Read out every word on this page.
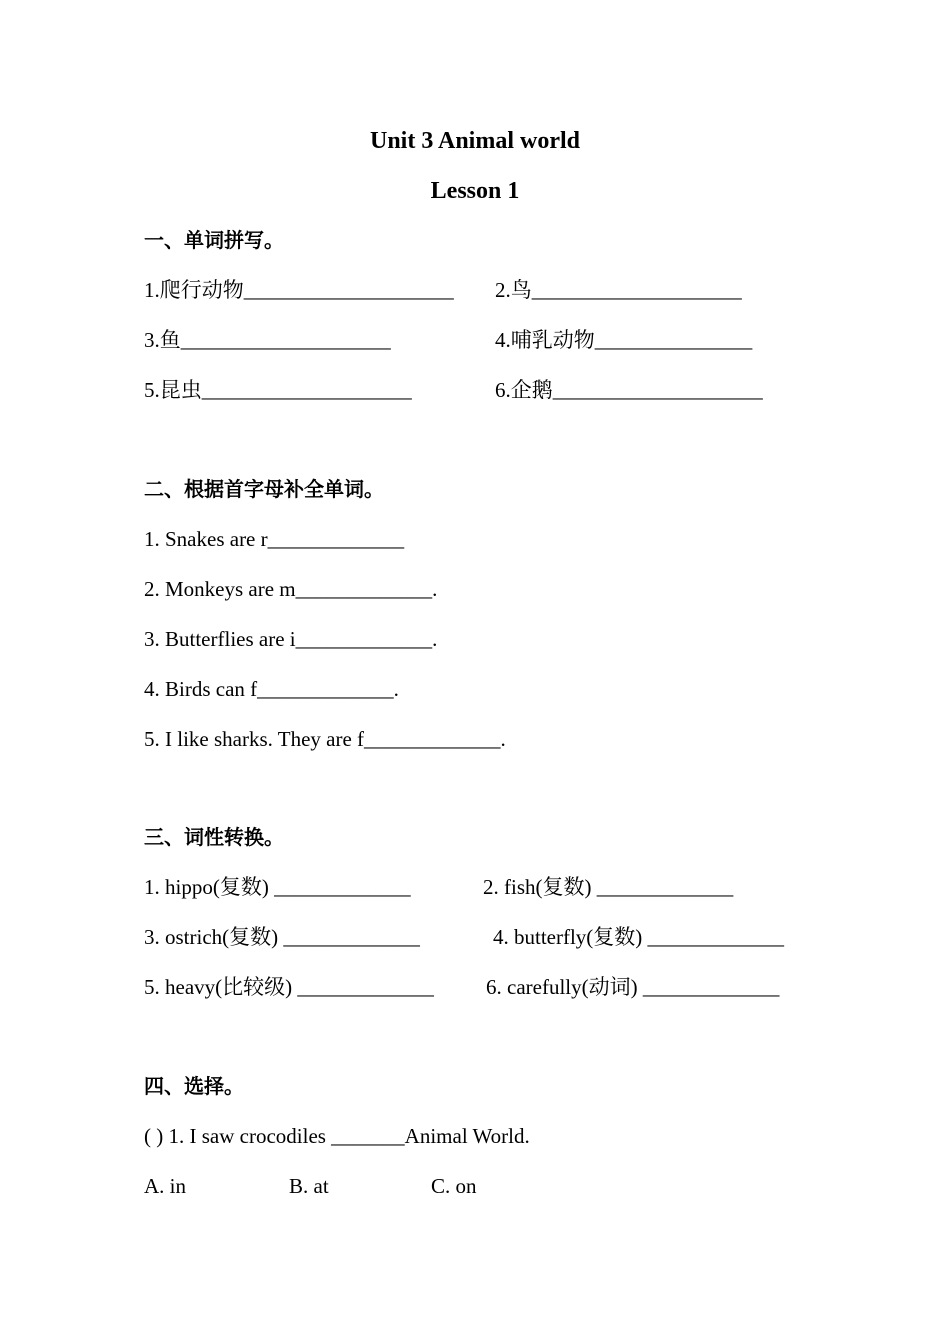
Unit 3 Animal world
Lesson 1
一、单词拼写。
1.爬行动物____________________ 2.鸟____________________
3.鱼____________________	4.哺乳动物_______________
5.昆虫____________________	6.企鹅____________________
二、根据首字母补全单词。
1. Snakes are r_____________
2. Monkeys are m_____________.
3. Butterflies are i_____________.
4. Birds can f_____________.
5. I like sharks. They are f_____________.
三、词性转换。
1. hippo(复数) _____________	2. fish(复数) _____________
3. ostrich(复数) _____________	4. butterfly(复数) _____________
5. heavy(比较级) _____________ 6. carefully(动词) _____________
四、选择。
( ) 1. I saw crocodiles _______Animal World.
A. in	B. at	C. on
